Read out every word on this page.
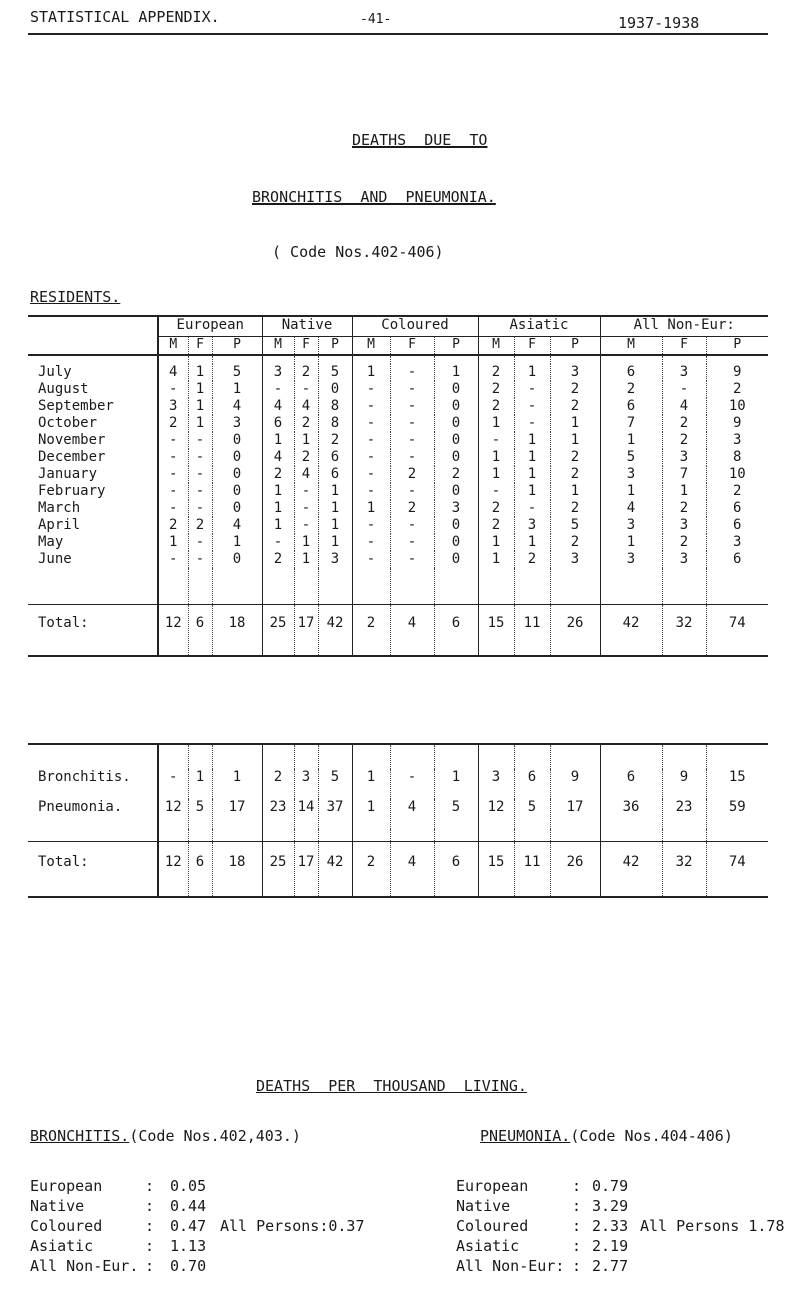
STATISTICAL APPENDIX.	-41-	1937-1938
DEATHS  DUE  TO
BRONCHITIS  AND  PNEUMONIA.
( Code Nos.402-406)
RESIDENTS.
	European			Native			Coloured			Asiatic			All Non-Eur:		
	M	F	P	M	F	P	M	F	P	M	F	P	M	F	P

July	4	1	5	3	2	5	1	-	1	2	1	3	6	3	9
August	-	1	1	-	-	0	-	-	0	2	-	2	2	-	2
September	3	1	4	4	4	8	-	-	0	2	-	2	6	4	10
October	2	1	3	6	2	8	-	-	0	1	-	1	7	2	9
November	-	-	0	1	1	2	-	-	0	-	1	1	1	2	3
December	-	-	0	4	2	6	-	-	0	1	1	2	5	3	8
January	-	-	0	2	4	6	-	2	2	1	1	2	3	7	10
February	-	-	0	1	-	1	-	-	0	-	1	1	1	1	2
March	-	-	0	1	-	1	1	2	3	2	-	2	4	2	6
April	2	2	4	1	-	1	-	-	0	2	3	5	3	3	6
May	1	-	1	-	1	1	-	-	0	1	1	2	1	2	3
June	-	-	0	2	1	3	-	-	0	1	2	3	3	3	6

Total:	12	6	18	25	17	42	2	4	6	15	11	26	42	32	74

Bronchitis.	-	1	1	2	3	5	1	-	1	3	6	9	6	9	15
Pneumonia.	12	5	17	23	14	37	1	4	5	12	5	17	36	23	59

Total:	12	6	18	25	17	42	2	4	6	15	11	26	42	32	74
DEATHS  PER  THOUSAND  LIVING.
BRONCHITIS.(Code Nos.402,403.)	PNEUMONIA.(Code Nos.404-406)
European	: 0.05
Native	: 0.44
Coloured	: 0.47
Asiatic	: 1.13
All Non-Eur. : 0.70
All Persons:0.37
European	: 0.79
Native	: 3.29
Coloured	: 2.33
Asiatic	: 2.19
All Non-Eur: : 2.77
All Persons 1.78
